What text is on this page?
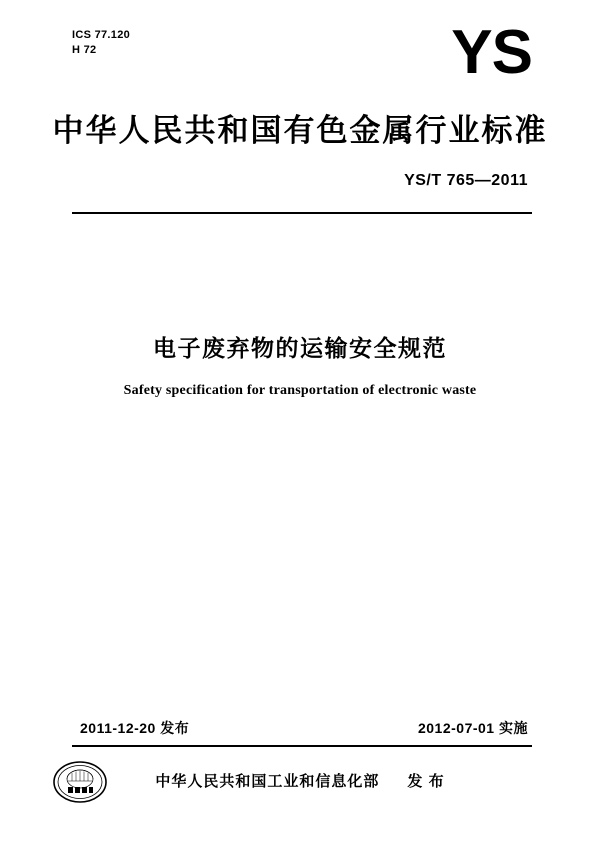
ICS 77.120
H 72	YS
中华人民共和国有色金属行业标准
YS/T 765—2011
电子废弃物的运输安全规范
Safety specification for transportation of electronic waste
2011-12-20 发布	2012-07-01 实施
中华人民共和国工业和信息化部 发 布
